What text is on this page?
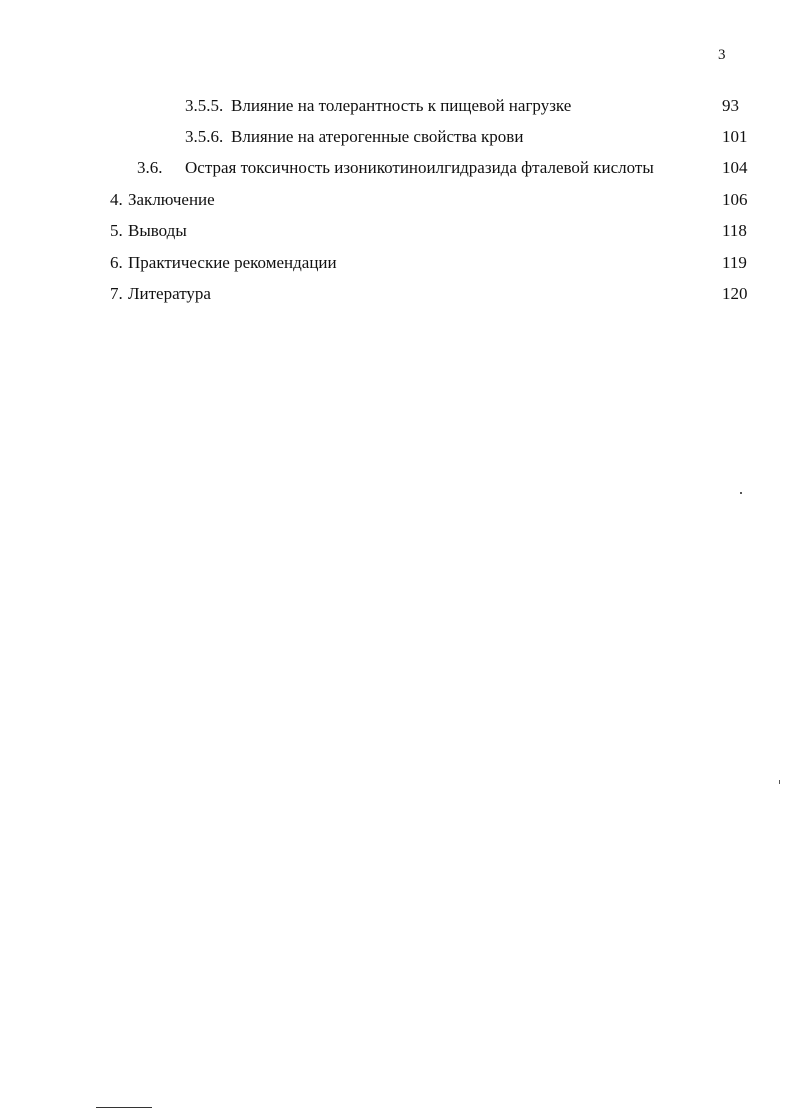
3
3.5.5. Влияние на толерантность к пищевой нагрузке	93
3.5.6. Влияние на атерогенные свойства крови	101
3.6. Острая токсичность изоникотиноилгидразида фталевой кислоты	104
4. Заключение	106
5. Выводы	118
6. Практические рекомендации	119
7. Литература	120
